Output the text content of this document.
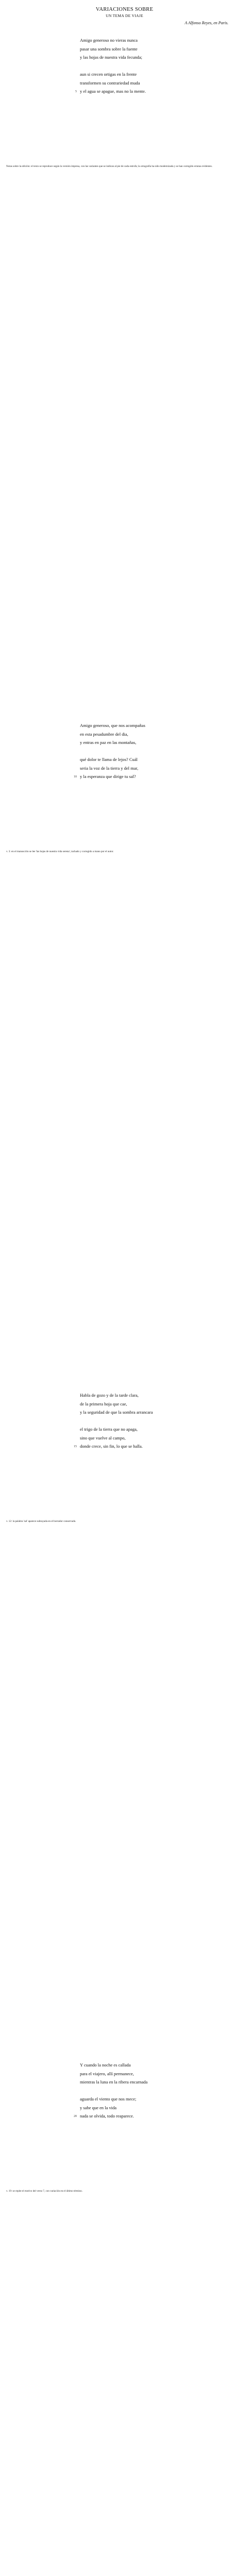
VARIACIONES SOBRE
UN TEMA DE VIAJE
A Alfonso Reyes, en Paris.
Amigo generoso no vieras nunca
pasar una sombra sobre la fuente
y las hojas de nuestra vida fecunda;
aun si crecen ortigas en la frente
transformen su contrariedad muda
y el agua se apague, mas no la mente.
5
Amigo generoso, que nos acompañas
en esta pesadumbre del dia,
y entras en paz en las montañas,
qué dolor te llama de lejos? Cuál
seria la voz de la tierra y del mar,
y la esperanza que dirige tu sal?
10
Habla de gozo y de la tarde clara,
de la primera hoja que cae,
y la seguridad de que la sombra arrancara
el trigo de la tierra que no apaga,
sino que vuelve al campo,
donde crece, sin fin, lo que se halla.
15
Y cuando la noche es callada
para el viajero, allí permanece,
mientras la luna en la ribera encarnada
aguarda el viento que nos mece;
y sabe que en la vida
nada se olvida, todo reaparece.
20
Notas sobre la edición: el texto se reproduce según la versión impresa, con las variantes que se indican al pie de cada estrofa; la ortografía ha sido modernizada y se han corregido erratas evidentes.
v. 3: en el manuscrito se lee 'las hojas de nuestra vida serena', tachado y corregido a mano por el autor.
v. 12: la palabra 'sal' aparece subrayada en el borrador conservado.
v. 19: se repite el motivo del verso 7, con variación en el último término.
